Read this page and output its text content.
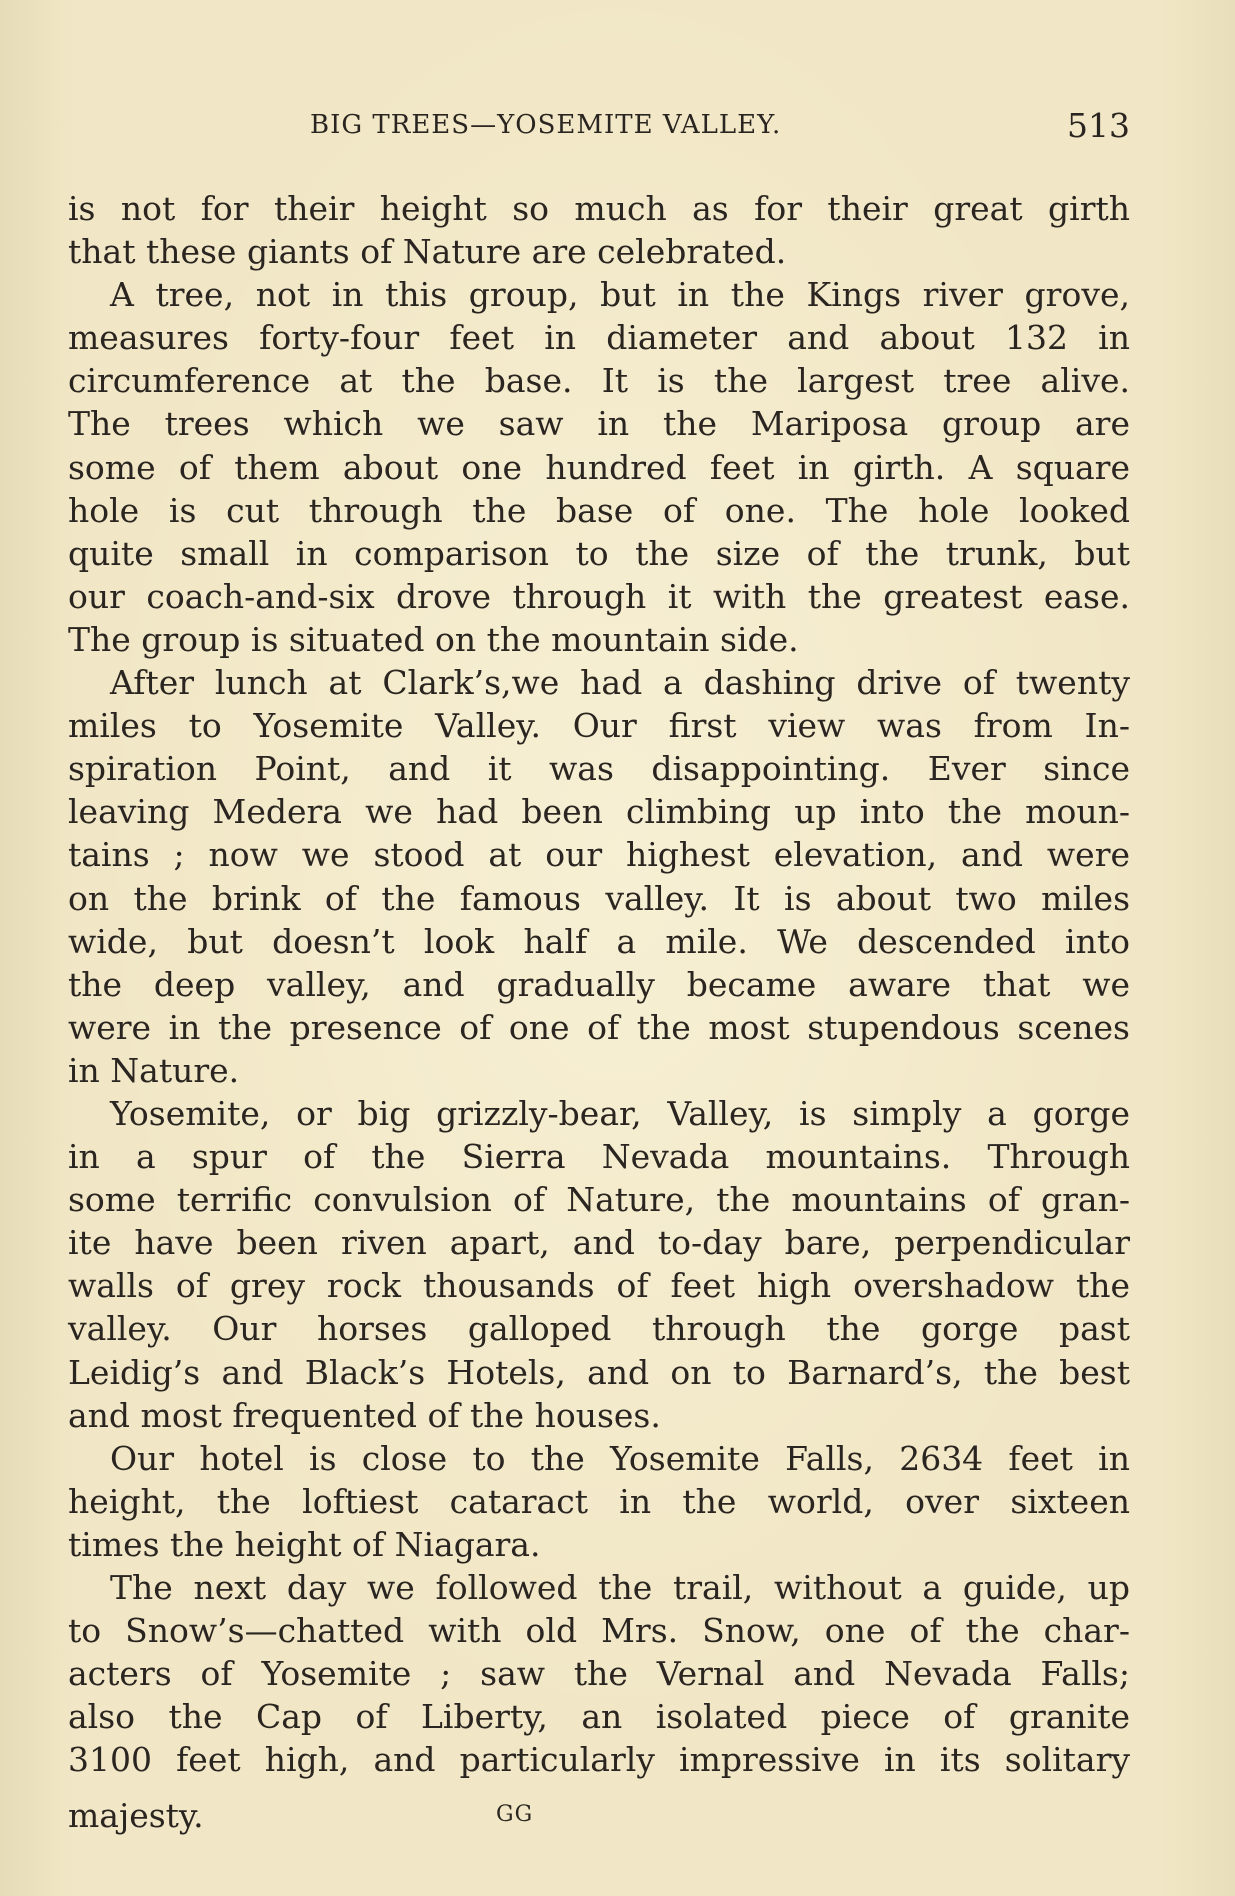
BIG TREES—YOSEMITE VALLEY.	513
is not for their height so much as for their great girth
that these giants of Nature are celebrated.
A tree, not in this group, but in the Kings river grove,
measures forty-four feet in diameter and about 132 in
circumference at the base. It is the largest tree alive.
The trees which we saw in the Mariposa group are
some of them about one hundred feet in girth. A square
hole is cut through the base of one. The hole looked
quite small in comparison to the size of the trunk, but
our coach-and-six drove through it with the greatest ease.
The group is situated on the mountain side.
After lunch at Clark’s,we had a dashing drive of twenty
miles to Yosemite Valley. Our first view was from In-
spiration Point, and it was disappointing. Ever since
leaving Medera we had been climbing up into the moun-
tains ; now we stood at our highest elevation, and were
on the brink of the famous valley. It is about two miles
wide, but doesn’t look half a mile. We descended into
the deep valley, and gradually became aware that we
were in the presence of one of the most stupendous scenes
in Nature.
Yosemite, or big grizzly-bear, Valley, is simply a gorge
in a spur of the Sierra Nevada mountains. Through
some terrific convulsion of Nature, the mountains of gran-
ite have been riven apart, and to-day bare, perpendicular
walls of grey rock thousands of feet high overshadow the
valley. Our horses galloped through the gorge past
Leidig’s and Black’s Hotels, and on to Barnard’s, the best
and most frequented of the houses.
Our hotel is close to the Yosemite Falls, 2634 feet in
height, the loftiest cataract in the world, over sixteen
times the height of Niagara.
The next day we followed the trail, without a guide, up
to Snow’s—chatted with old Mrs. Snow, one of the char-
acters of Yosemite ; saw the Vernal and Nevada Falls;
also the Cap of Liberty, an isolated piece of granite
3100 feet high, and particularly impressive in its solitary
majesty.	GG
